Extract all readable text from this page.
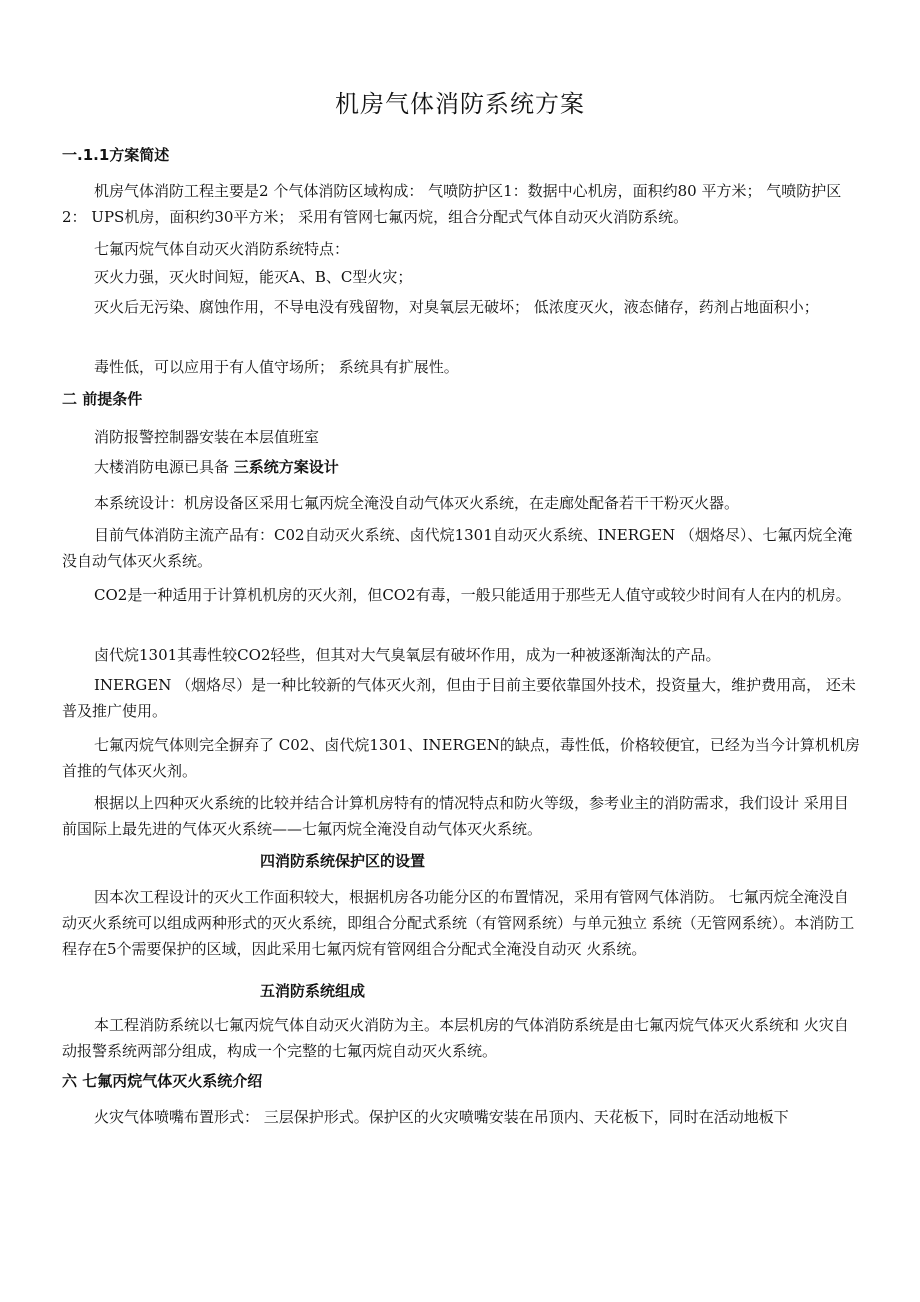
机房气体消防系统方案
一.1.1方案简述
机房气体消防工程主要是2 个气体消防区域构成： 气喷防护区1：数据中心机房，面积约80 平方米； 气喷防护区2： UPS机房，面积约30平方米； 采用有管网七氟丙烷，组合分配式气体自动灭火消防系统。
七氟丙烷气体自动灭火消防系统特点：
灭火力强，灭火时间短，能灭A、B、C型火灾；
灭火后无污染、腐蚀作用，不导电没有残留物，对臭氧层无破坏； 低浓度灭火，液态储存，药剂占地面积小；
毒性低，可以应用于有人值守场所； 系统具有扩展性。
二 前提条件
消防报警控制器安装在本层值班室
大楼消防电源已具备 三系统方案设计
本系统设计：机房设备区采用七氟丙烷全淹没自动气体灭火系统，在走廊处配备若干干粉灭火器。
目前气体消防主流产品有：C02自动灭火系统、卤代烷1301自动灭火系统、INERGEN （烟烙尽）、七氟丙烷全淹没自动气体灭火系统。
CO2是一种适用于计算机机房的灭火剂，但CO2有毒，一般只能适用于那些无人值守或较少时间有人在内的机房。
卤代烷1301其毒性较CO2轻些，但其对大气臭氧层有破坏作用，成为一种被逐渐淘汰的产品。
INERGEN （烟烙尽）是一种比较新的气体灭火剂，但由于目前主要依靠国外技术，投资量大，维护费用高， 还未普及推广使用。
七氟丙烷气体则完全摒弃了 C02、卤代烷1301、INERGEN的缺点，毒性低，价格较便宜，已经为当今计算机机房首推的气体灭火剂。
根据以上四种灭火系统的比较并结合计算机房特有的情况特点和防火等级，参考业主的消防需求，我们设计 采用目前国际上最先进的气体灭火系统——七氟丙烷全淹没自动气体灭火系统。
四消防系统保护区的设置
因本次工程设计的灭火工作面积较大，根据机房各功能分区的布置情况，采用有管网气体消防。 七氟丙烷全淹没自动灭火系统可以组成两种形式的灭火系统，即组合分配式系统（有管网系统）与单元独立 系统（无管网系统）。本消防工程存在5个需要保护的区域，因此采用七氟丙烷有管网组合分配式全淹没自动灭 火系统。
五消防系统组成
本工程消防系统以七氟丙烷气体自动灭火消防为主。本层机房的气体消防系统是由七氟丙烷气体灭火系统和 火灾自动报警系统两部分组成，构成一个完整的七氟丙烷自动灭火系统。
六 七氟丙烷气体灭火系统介绍
火灾气体喷嘴布置形式： 三层保护形式。保护区的火灾喷嘴安装在吊顶内、天花板下，同时在活动地板下
